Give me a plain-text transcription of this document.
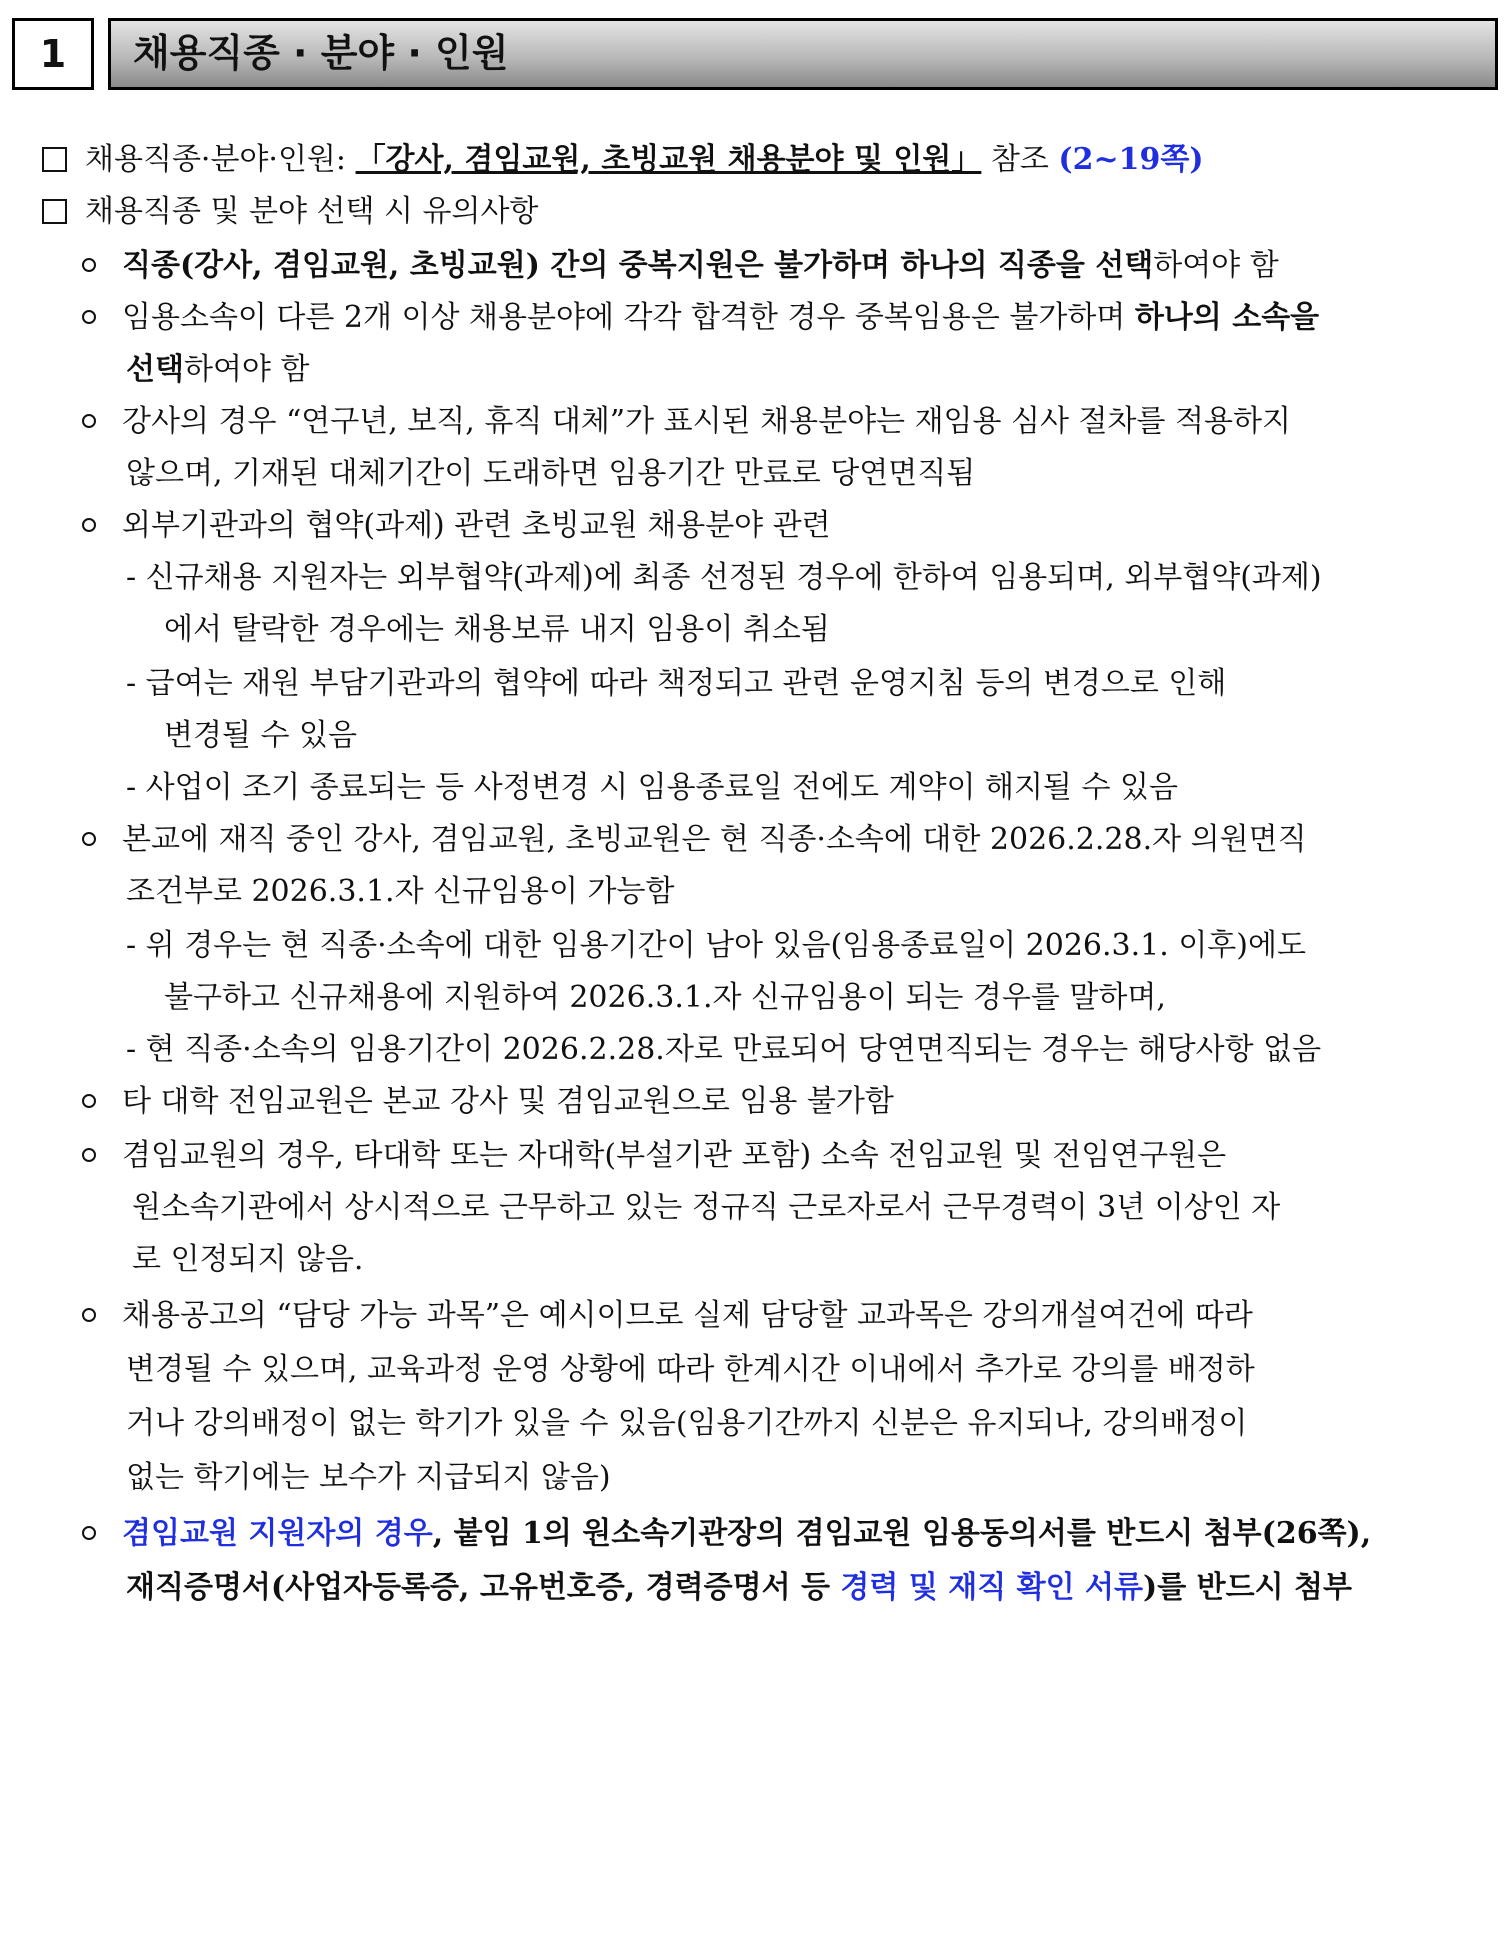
1	채용직종 · 분야 · 인원
채용직종·분야·인원: 「강사, 겸임교원, 초빙교원 채용분야 및 인원」 참조 (2~19쪽)
채용직종 및 분야 선택 시 유의사항
직종(강사, 겸임교원, 초빙교원) 간의 중복지원은 불가하며 하나의 직종을 선택하여야 함
임용소속이 다른 2개 이상 채용분야에 각각 합격한 경우 중복임용은 불가하며 하나의 소속을
선택하여야 함
강사의 경우 “연구년, 보직, 휴직 대체”가 표시된 채용분야는 재임용 심사 절차를 적용하지
않으며, 기재된 대체기간이 도래하면 임용기간 만료로 당연면직됨
외부기관과의 협약(과제) 관련 초빙교원 채용분야 관련
- 신규채용 지원자는 외부협약(과제)에 최종 선정된 경우에 한하여 임용되며, 외부협약(과제)
에서 탈락한 경우에는 채용보류 내지 임용이 취소됨
- 급여는 재원 부담기관과의 협약에 따라 책정되고 관련 운영지침 등의 변경으로 인해
변경될 수 있음
- 사업이 조기 종료되는 등 사정변경 시 임용종료일 전에도 계약이 해지될 수 있음
본교에 재직 중인 강사, 겸임교원, 초빙교원은 현 직종·소속에 대한 2026.2.28.자 의원면직
조건부로 2026.3.1.자 신규임용이 가능함
- 위 경우는 현 직종·소속에 대한 임용기간이 남아 있음(임용종료일이 2026.3.1. 이후)에도
불구하고 신규채용에 지원하여 2026.3.1.자 신규임용이 되는 경우를 말하며,
- 현 직종·소속의 임용기간이 2026.2.28.자로 만료되어 당연면직되는 경우는 해당사항 없음
타 대학 전임교원은 본교 강사 및 겸임교원으로 임용 불가함
겸임교원의 경우, 타대학 또는 자대학(부설기관 포함) 소속 전임교원 및 전임연구원은
원소속기관에서 상시적으로 근무하고 있는 정규직 근로자로서 근무경력이 3년 이상인 자
로 인정되지 않음.
채용공고의 “담당 가능 과목”은 예시이므로 실제 담당할 교과목은 강의개설여건에 따라
변경될 수 있으며, 교육과정 운영 상황에 따라 한계시간 이내에서 추가로 강의를 배정하
거나 강의배정이 없는 학기가 있을 수 있음(임용기간까지 신분은 유지되나, 강의배정이
없는 학기에는 보수가 지급되지 않음)
겸임교원 지원자의 경우, 붙임 1의 원소속기관장의 겸임교원 임용동의서를 반드시 첨부(26쪽),
재직증명서(사업자등록증, 고유번호증, 경력증명서 등 경력 및 재직 확인 서류)를 반드시 첨부
